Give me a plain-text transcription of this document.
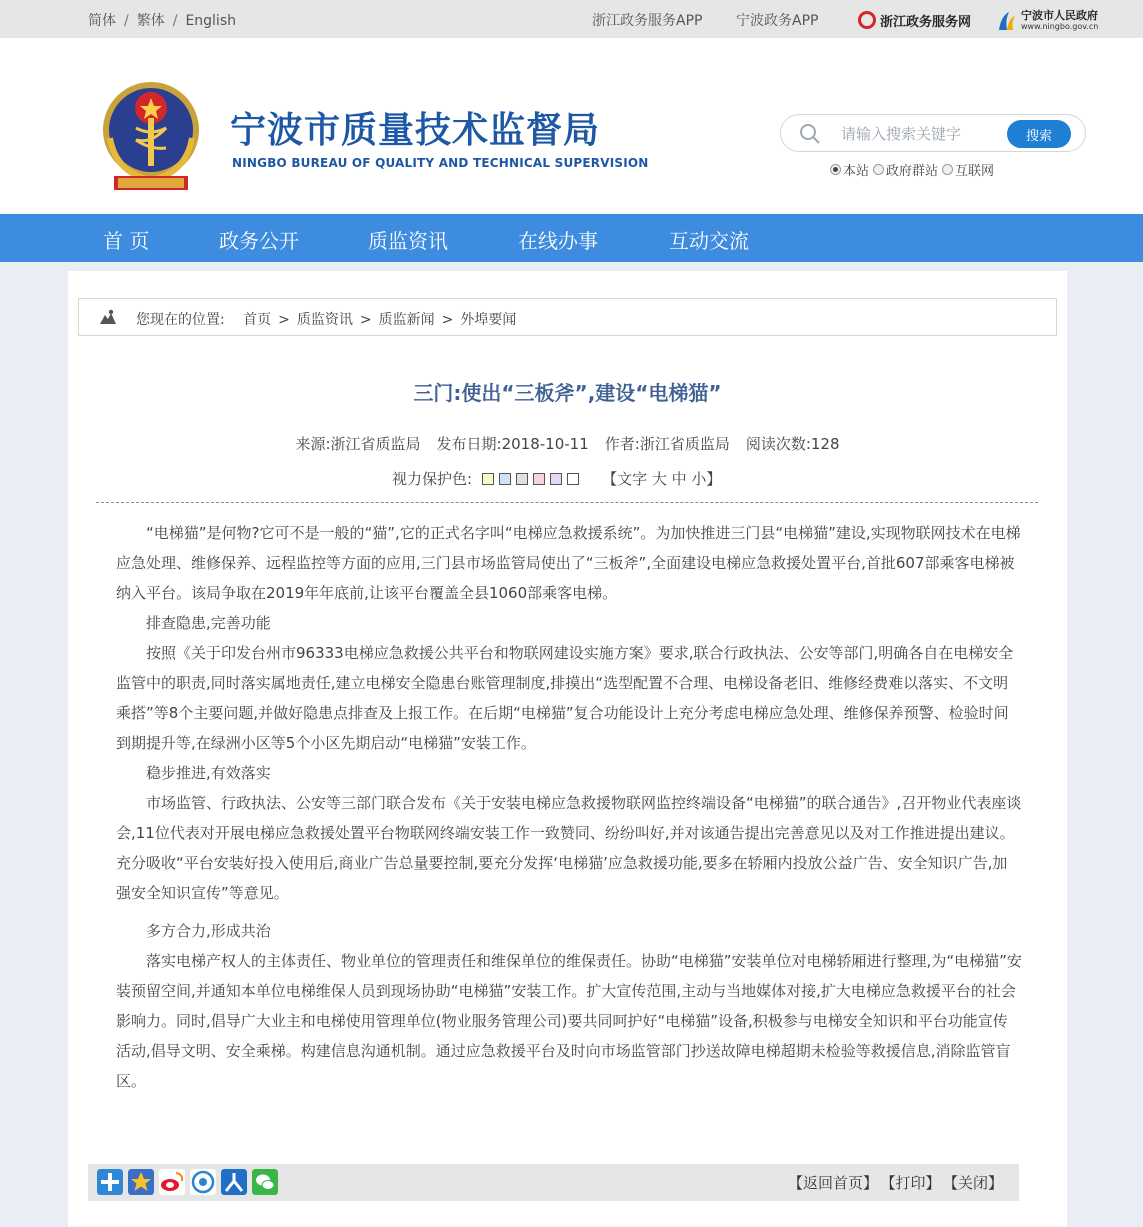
简体 / 繁体 / English	浙江政务服务APP 宁波政务APP	浙江政务服务网	宁波市人民政府
www.ningbo.gov.cn
宁波市质量技术监督局
NINGBO BUREAU OF QUALITY AND TECHNICAL SUPERVISION
请输入搜索关键字
搜索
本站 政府群站 互联网
首 页	政务公开	质监资讯	在线办事	互动交流
您现在的位置: 首页 > 质监资讯 > 质监新闻 > 外埠要闻
三门:使出“三板斧”,建设“电梯猫”
来源:浙江省质监局 发布日期:2018-10-11 作者:浙江省质监局 阅读次数:128
视力保护色:	【文字 大 中 小】

“电梯猫”是何物?它可不是一般的“猫”,它的正式名字叫“电梯应急救援系统”。为加快推进三门县“电梯猫”建设,实现物联网技术在电梯应急处理、维修保养、远程监控等方面的应用,三门县市场监管局使出了“三板斧”,全面建设电梯应急救援处置平台,首批607部乘客电梯被纳入平台。该局争取在2019年年底前,让该平台覆盖全县1060部乘客电梯。

排查隐患,完善功能

按照《关于印发台州市96333电梯应急救援公共平台和物联网建设实施方案》要求,联合行政执法、公安等部门,明确各自在电梯安全监管中的职责,同时落实属地责任,建立电梯安全隐患台账管理制度,排摸出“选型配置不合理、电梯设备老旧、维修经费难以落实、不文明乘搭”等8个主要问题,并做好隐患点排查及上报工作。在后期“电梯猫”复合功能设计上充分考虑电梯应急处理、维修保养预警、检验时间到期提升等,在绿洲小区等5个小区先期启动“电梯猫”安装工作。

稳步推进,有效落实

市场监管、行政执法、公安等三部门联合发布《关于安装电梯应急救援物联网监控终端设备“电梯猫”的联合通告》,召开物业代表座谈会,11位代表对开展电梯应急救援处置平台物联网终端安装工作一致赞同、纷纷叫好,并对该通告提出完善意见以及对工作推进提出建议。充分吸收“平台安装好投入使用后,商业广告总量要控制,要充分发挥‘电梯猫’应急救援功能,要多在轿厢内投放公益广告、安全知识广告,加强安全知识宣传”等意见。

多方合力,形成共治

落实电梯产权人的主体责任、物业单位的管理责任和维保单位的维保责任。协助“电梯猫”安装单位对电梯轿厢进行整理,为“电梯猫”安装预留空间,并通知本单位电梯维保人员到现场协助“电梯猫”安装工作。扩大宣传范围,主动与当地媒体对接,扩大电梯应急救援平台的社会影响力。同时,倡导广大业主和电梯使用管理单位(物业服务管理公司)要共同呵护好“电梯猫”设备,积极参与电梯安全知识和平台功能宣传活动,倡导文明、安全乘梯。构建信息沟通机制。通过应急救援平台及时向市场监管部门抄送故障电梯超期未检验等救援信息,消除监管盲区。

【返回首页】 【打印】 【关闭】
